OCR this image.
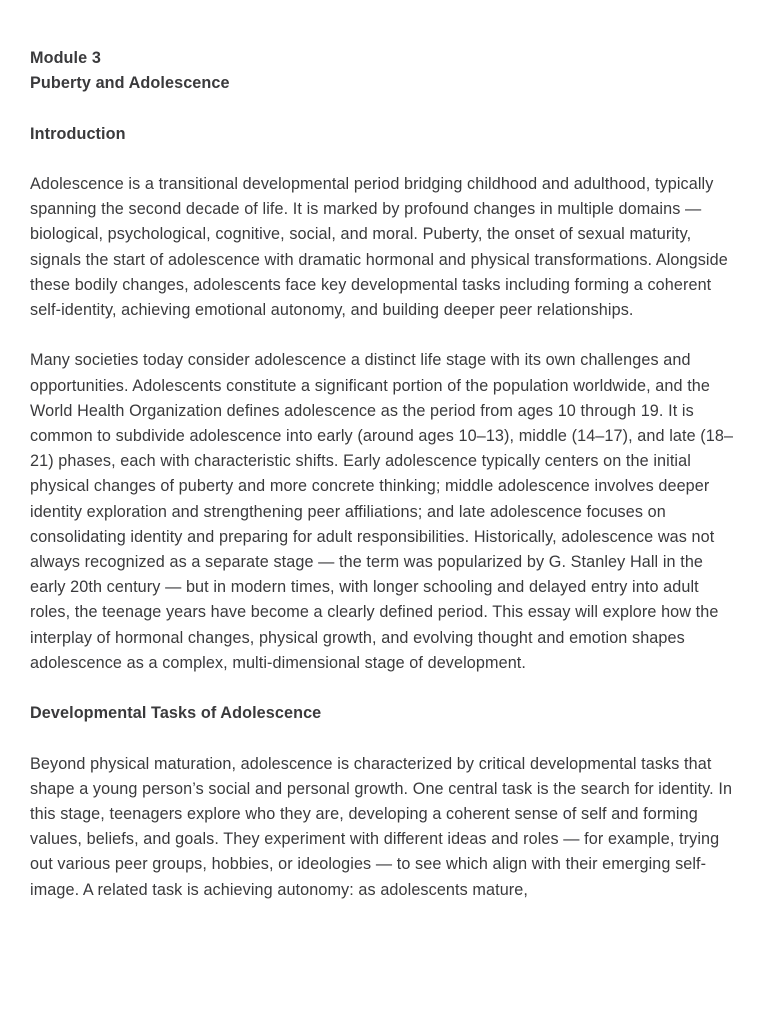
Module 3

Puberty and Adolescence

Introduction

Adolescence is a transitional developmental period bridging childhood and adulthood, typically spanning the second decade of life. It is marked by profound changes in multiple domains — biological, psychological, cognitive, social, and moral. Puberty, the onset of sexual maturity, signals the start of adolescence with dramatic hormonal and physical transformations. Alongside these bodily changes, adolescents face key developmental tasks including forming a coherent self-identity, achieving emotional autonomy, and building deeper peer relationships.

Many societies today consider adolescence a distinct life stage with its own challenges and opportunities. Adolescents constitute a significant portion of the population worldwide, and the World Health Organization defines adolescence as the period from ages 10 through 19. It is common to subdivide adolescence into early (around ages 10–13), middle (14–17), and late (18–21) phases, each with characteristic shifts. Early adolescence typically centers on the initial physical changes of puberty and more concrete thinking; middle adolescence involves deeper identity exploration and strengthening peer affiliations; and late adolescence focuses on consolidating identity and preparing for adult responsibilities. Historically, adolescence was not always recognized as a separate stage — the term was popularized by G. Stanley Hall in the early 20th century — but in modern times, with longer schooling and delayed entry into adult roles, the teenage years have become a clearly defined period. This essay will explore how the interplay of hormonal changes, physical growth, and evolving thought and emotion shapes adolescence as a complex, multi-dimensional stage of development.

Developmental Tasks of Adolescence

Beyond physical maturation, adolescence is characterized by critical developmental tasks that shape a young person’s social and personal growth. One central task is the search for identity. In this stage, teenagers explore who they are, developing a coherent sense of self and forming values, beliefs, and goals. They experiment with different ideas and roles — for example, trying out various peer groups, hobbies, or ideologies — to see which align with their emerging self-image. A related task is achieving autonomy: as adolescents mature,
